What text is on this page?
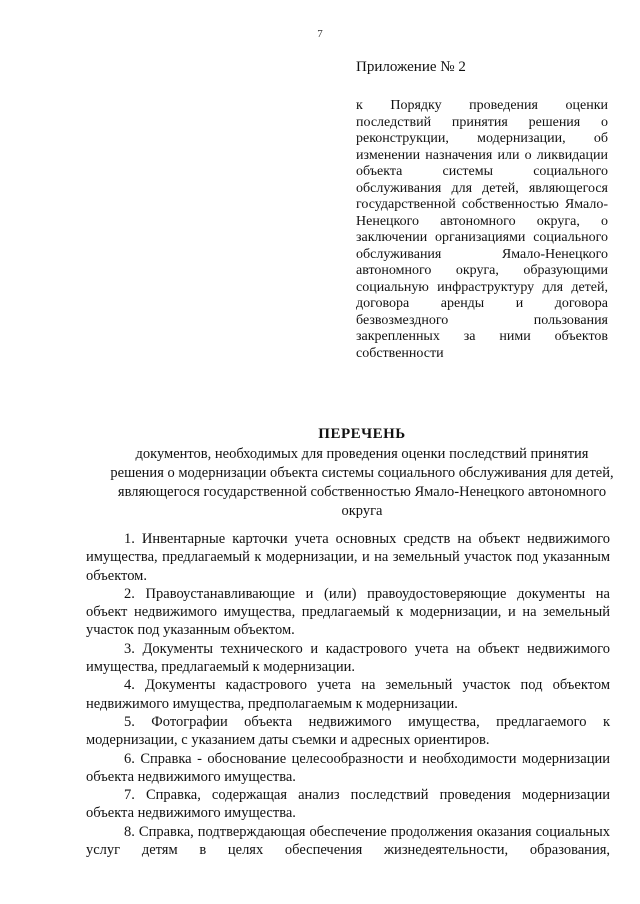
7
Приложение № 2
к Порядку проведения оценки последствий принятия решения о реконструкции, модернизации, об изменении назначения или о ликвидации объекта системы социального обслуживания для детей, являющегося государственной собственностью Ямало-Ненецкого автономного округа, о заключении организациями социального обслуживания Ямало-Ненецкого автономного округа, образующими социальную инфраструктуру для детей, договора аренды и договора безвозмездного пользования закрепленных за ними объектов собственности
ПЕРЕЧЕНЬ
документов, необходимых для проведения оценки последствий принятия решения о модернизации объекта системы социального обслуживания для детей, являющегося государственной собственностью Ямало-Ненецкого автономного округа

1. Инвентарные карточки учета основных средств на объект недвижимого имущества, предлагаемый к модернизации, и на земельный участок под указанным объектом.

2. Правоустанавливающие и (или) правоудостоверяющие документы на объект недвижимого имущества, предлагаемый к модернизации, и на земельный участок под указанным объектом.

3. Документы технического и кадастрового учета на объект недвижимого имущества, предлагаемый к модернизации.

4. Документы кадастрового учета на земельный участок под объектом недвижимого имущества, предполагаемым к модернизации.

5. Фотографии объекта недвижимого имущества, предлагаемого к модернизации, с указанием даты съемки и адресных ориентиров.

6. Справка - обоснование целесообразности и необходимости модернизации объекта недвижимого имущества.

7. Справка, содержащая анализ последствий проведения модернизации объекта недвижимого имущества.

8. Справка, подтверждающая обеспечение продолжения оказания социальных услуг детям в целях обеспечения жизнедеятельности, образования,
